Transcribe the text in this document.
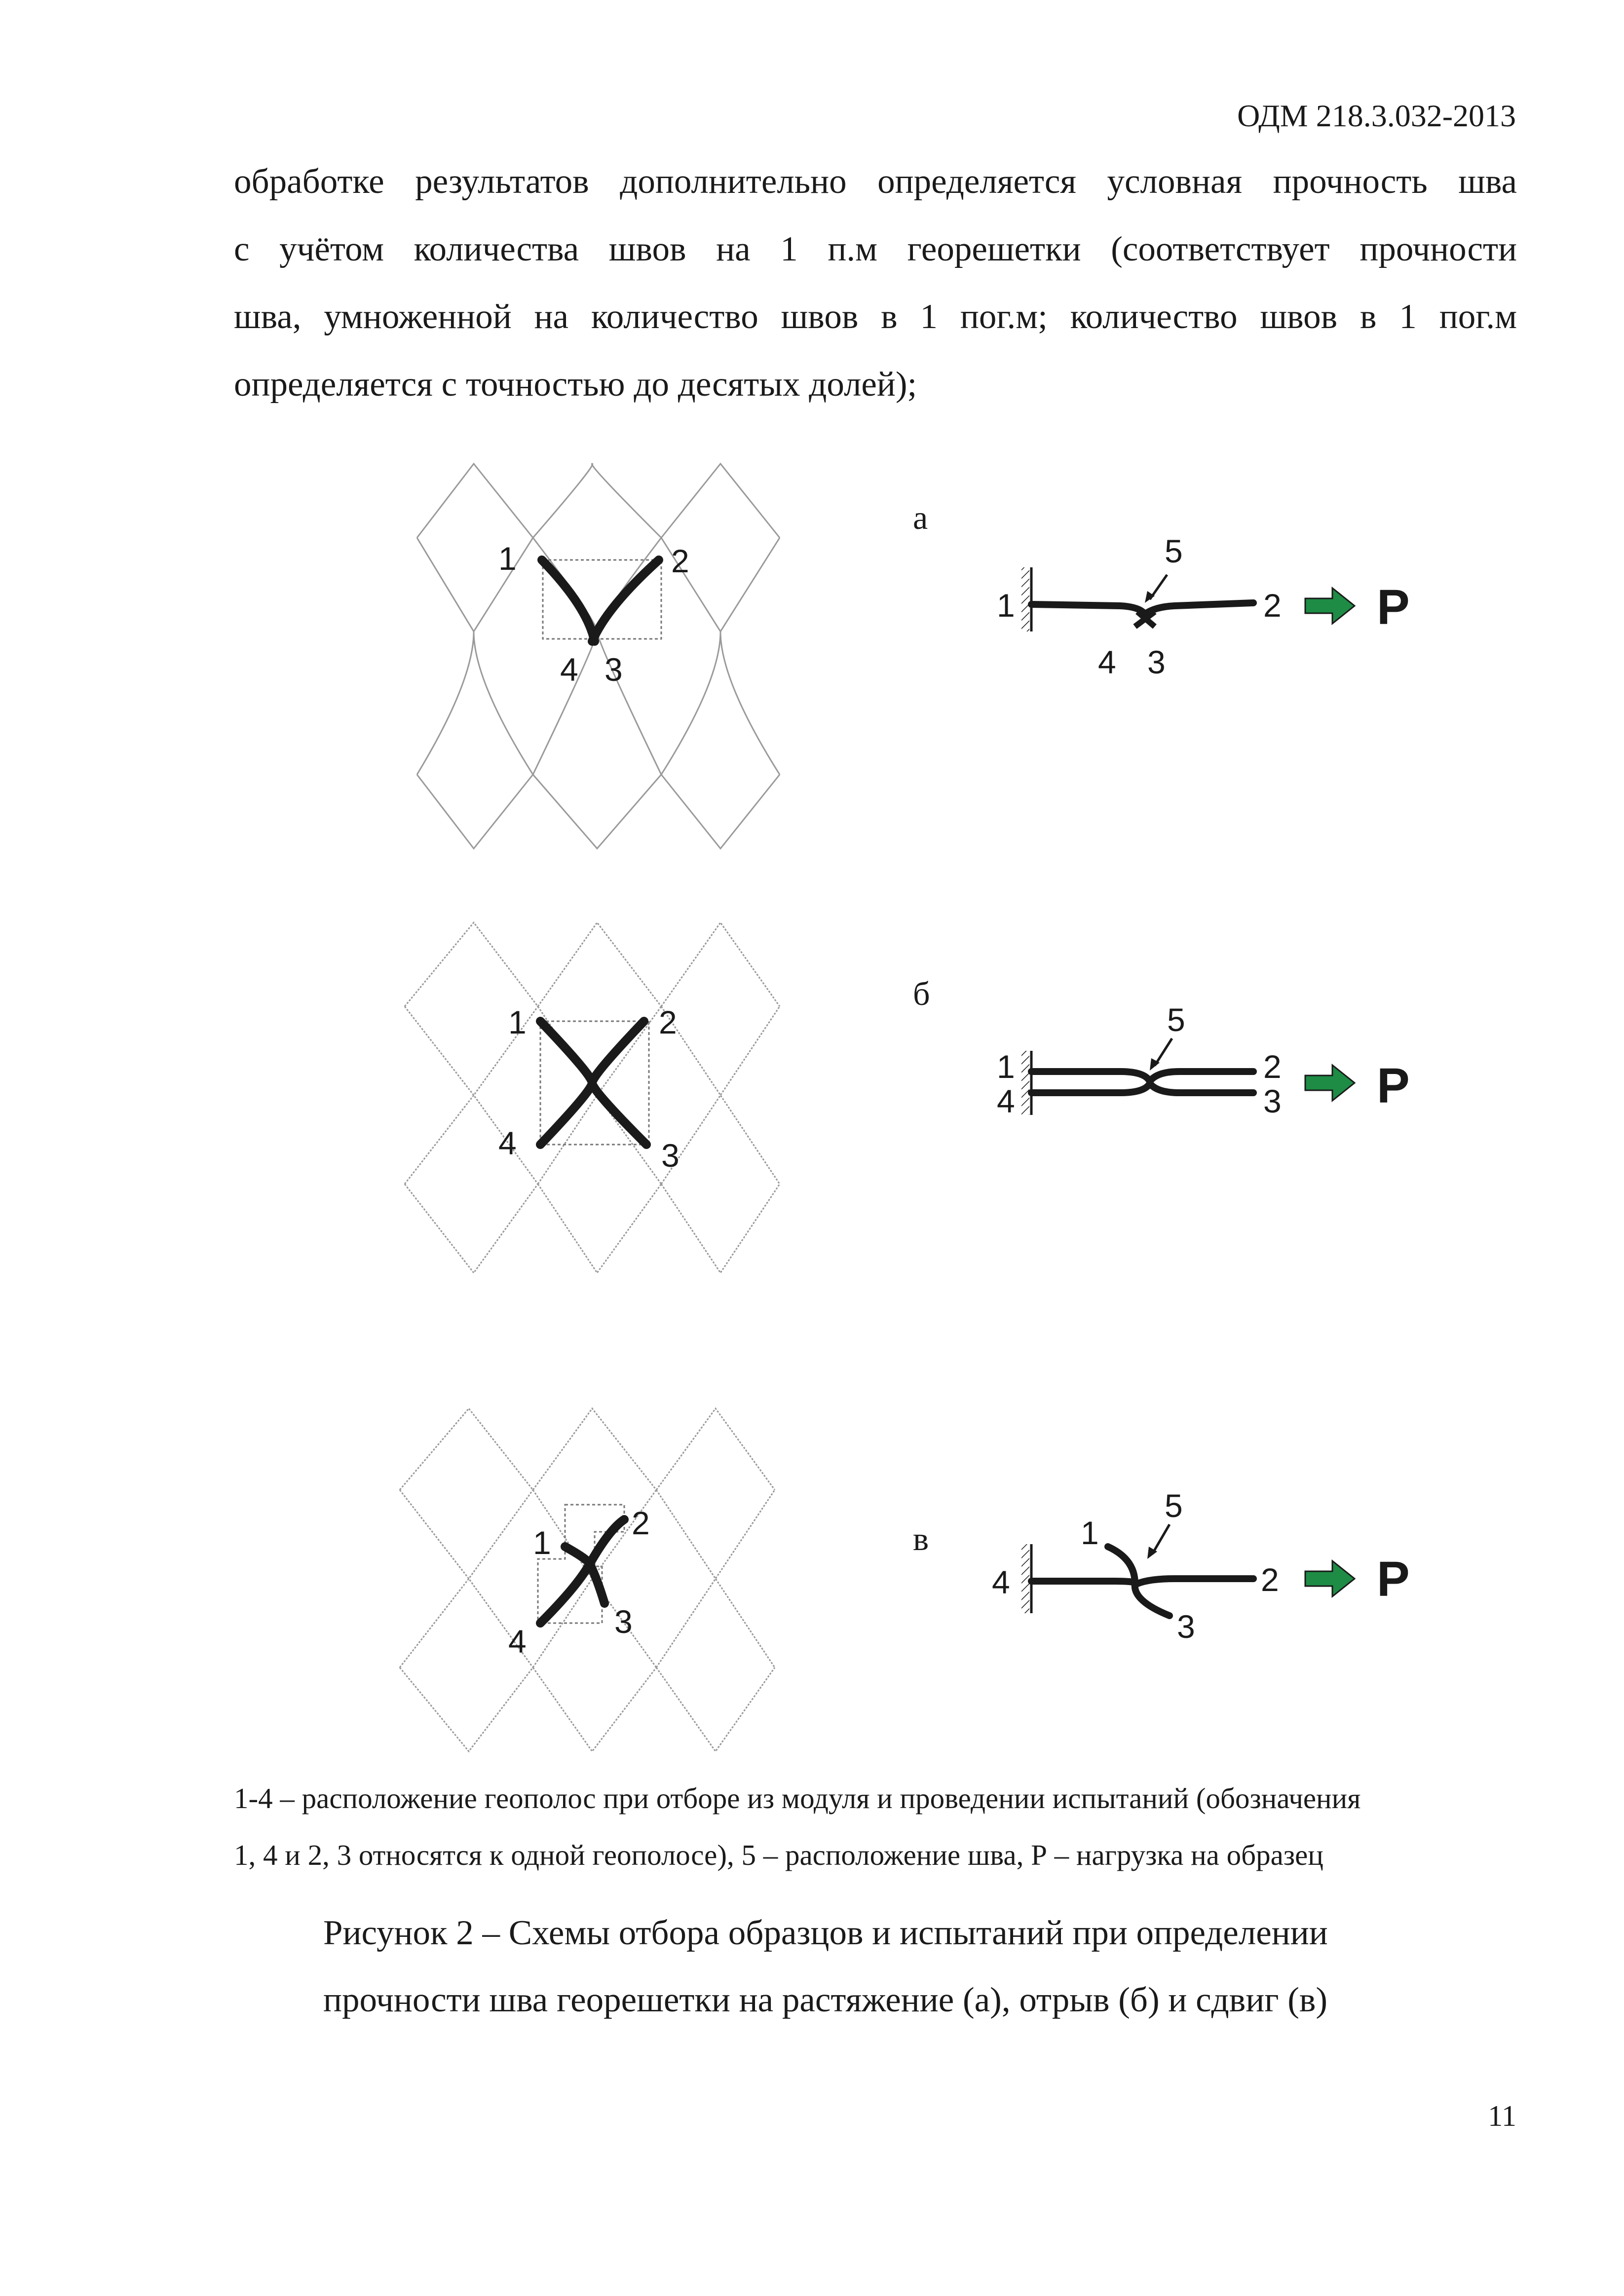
ОДМ 218.3.032-2013
обработке результатов дополнительно определяется условная прочность шва
с учётом количества швов на 1 п.м георешетки (соответствует прочности
шва, умноженной на количество швов в 1 пог.м; количество швов в 1 пог.м
определяется с точностью до десятых долей);
1	2
4 3
1
5
2
4 3
P
1	2
4	3
1
4
5
2
3 P
1
2
4
3
4
1
5
2
3
P
а
б
в
1-4 – расположение геополос при отборе из модуля и проведении испытаний (обозначения
1, 4 и 2, 3 относятся к одной геополосе), 5 – расположение шва, Р – нагрузка на образец
Рисунок 2 – Схемы отбора образцов и испытаний при определении
прочности шва георешетки на растяжение (а), отрыв (б) и сдвиг (в)
11
